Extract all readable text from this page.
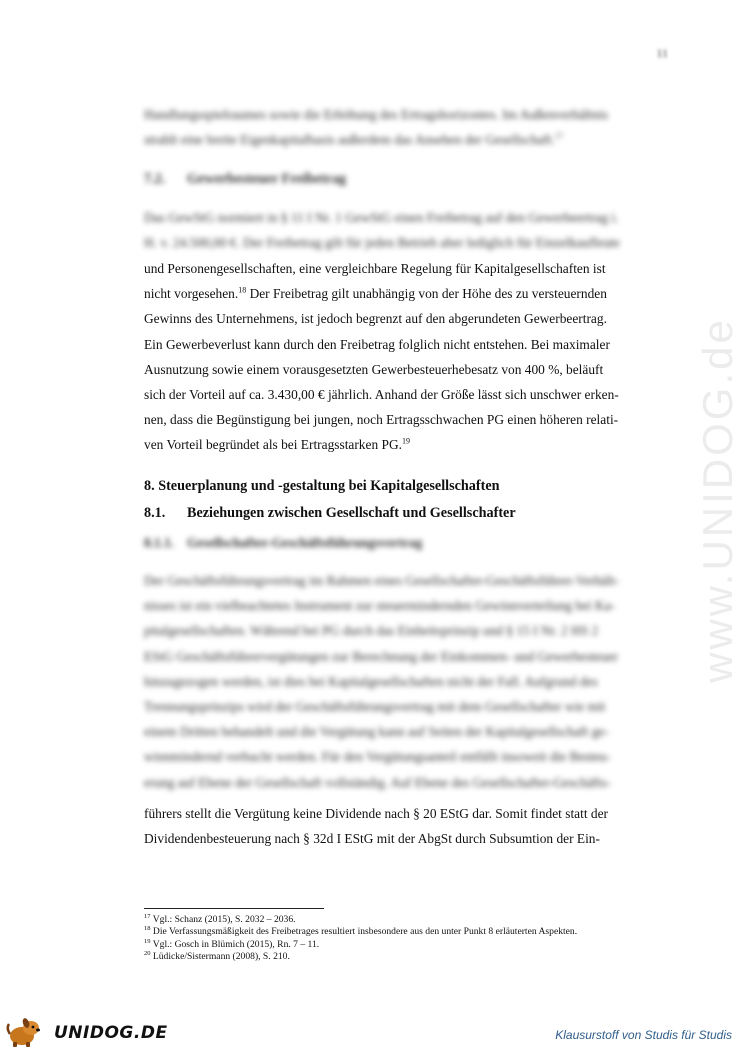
11
Handlungsspielraumes sowie die Erhöhung des Ertragshorizontes. Im Außenverhältnis
strahlt eine breite Eigenkapitalbasis außerdem das Ansehen der Gesellschaft.$^{17}$
7.2. Gewerbesteuer Freibetrag
Das GewStG normiert in § 11 I Nr. 1 GewStG einen Freibetrag auf den Gewerbeertrag i.
H. v. 24.500,00 €. Der Freibetrag gilt für jeden Betrieb aber lediglich für Einzelkaufleute
und Personengesellschaften, eine vergleichbare Regelung für Kapitalgesellschaften ist
nicht vorgesehen.$^{18}$ Der Freibetrag gilt unabhängig von der Höhe des zu versteuernden
Gewinns des Unternehmens, ist jedoch begrenzt auf den abgerundeten Gewerbeertrag.
Ein Gewerbeverlust kann durch den Freibetrag folglich nicht entstehen. Bei maximaler
Ausnutzung sowie einem vorausgesetzten Gewerbesteuerhebesatz von 400 %, beläuft
sich der Vorteil auf ca. 3.430,00 € jährlich. Anhand der Größe lässt sich unschwer erken-
nen, dass die Begünstigung bei jungen, noch Ertragsschwachen PG einen höheren relati-
ven Vorteil begründet als bei Ertragsstarken PG.$^{19}$
8. Steuerplanung und -gestaltung bei Kapitalgesellschaften
8.1. Beziehungen zwischen Gesellschaft und Gesellschafter
8.1.1. Gesellschafter-Geschäftsführungsvertrag
Der Geschäftsführungsvertrag im Rahmen eines Gesellschafter-Geschäftsführer-Verhält-
nisses ist ein vielbeachtetes Instrument zur steuermindernden Gewinnverteilung bei Ka-
pitalgesellschaften. Während bei PG durch das Einheitsprinzip und § 15 I Nr. 2 HS 2
EStG Geschäftsführervergütungen zur Berechnung der Einkommen- und Gewerbesteuer
hinzugezogen werden, ist dies bei Kapitalgesellschaften nicht der Fall. Aufgrund des
Trennungsprinzips wird der Geschäftsführungsvertrag mit dem Gesellschafter wie mit
einem Dritten behandelt und die Vergütung kann auf Seiten der Kapitalgesellschaft ge-
winnmindernd verbucht werden. Für den Vergütungsanteil entfällt insoweit die Besteu-
erung auf Ebene der Gesellschaft vollständig. Auf Ebene des Gesellschafter-Geschäfts-
führers stellt die Vergütung keine Dividende nach § 20 EStG dar. Somit findet statt der
Dividendenbesteuerung nach § 32d I EStG mit der AbgSt durch Subsumtion der Ein-
www.UNIDOG.de

$^{17}$ Vgl.: Schanz (2015), S. 2032 – 2036.

$^{18}$ Die Verfassungsmäßigkeit des Freibetrages resultiert insbesondere aus den unter Punkt 8 erläuterten Aspekten.

$^{19}$ Vgl.: Gosch in Blümich (2015), Rn. 7 – 11.

$^{20}$ Lüdicke/Sistermann (2008), S. 210.

UNIDOG.DE	Klausurstoff von Studis für Studis
